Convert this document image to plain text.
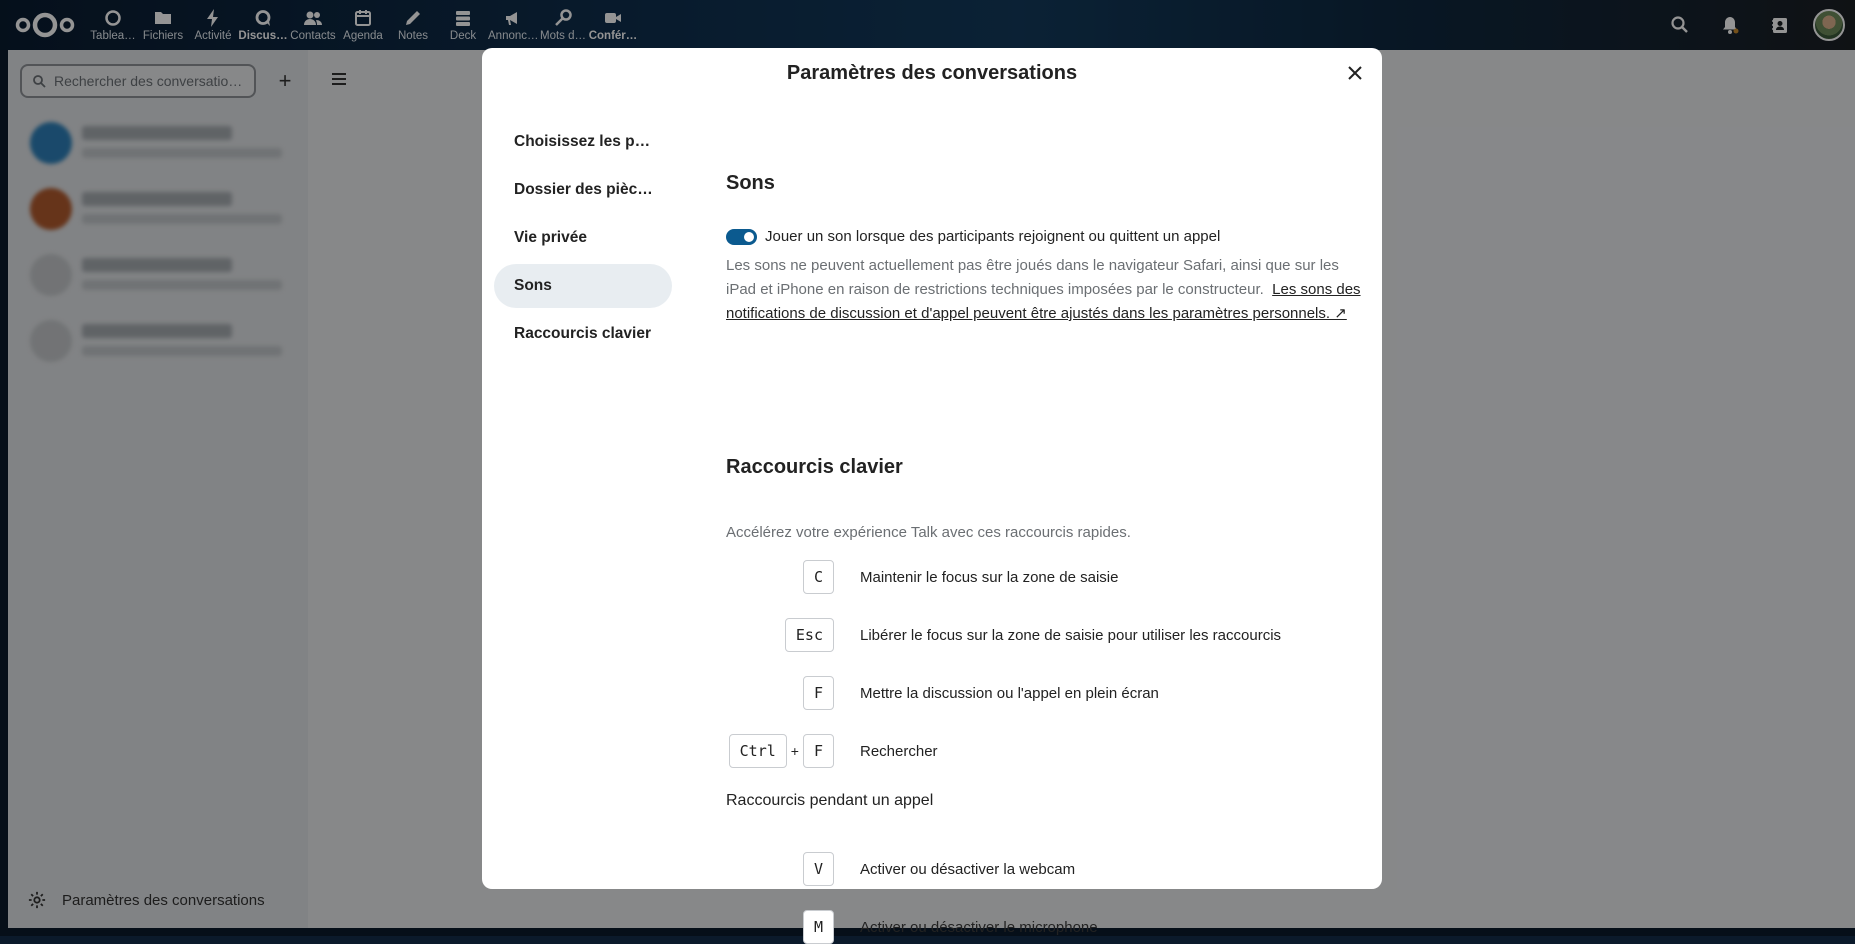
Tablea… Fichiers Activité Discus… Contacts Agenda Notes Deck Annonc… Mots d… Confér…
Rechercher des conversatio… +
Paramètres des conversations
Paramètres des conversations
Choisissez les p…
Dossier des pièc…
Vie privée
Sons
Raccourcis clavier
Sons
Jouer un son lorsque des participants rejoignent ou quittent un appel
Les sons ne peuvent actuellement pas être joués dans le navigateur Safari, ainsi que sur les iPad et iPhone en raison de restrictions techniques imposées par le constructeur. Les sons des notifications de discussion et d'appel peuvent être ajustés dans les paramètres personnels. ↗
Raccourcis clavier
Accélérez votre expérience Talk avec ces raccourcis rapides.
C	Maintenir le focus sur la zone de saisie
Esc	Libérer le focus sur la zone de saisie pour utiliser les raccourcis
F	Mettre la discussion ou l'appel en plein écran
Ctrl	+	F	Rechercher
Raccourcis pendant un appel
V	Activer ou désactiver la webcam
M	Activer ou désactiver le microphone
